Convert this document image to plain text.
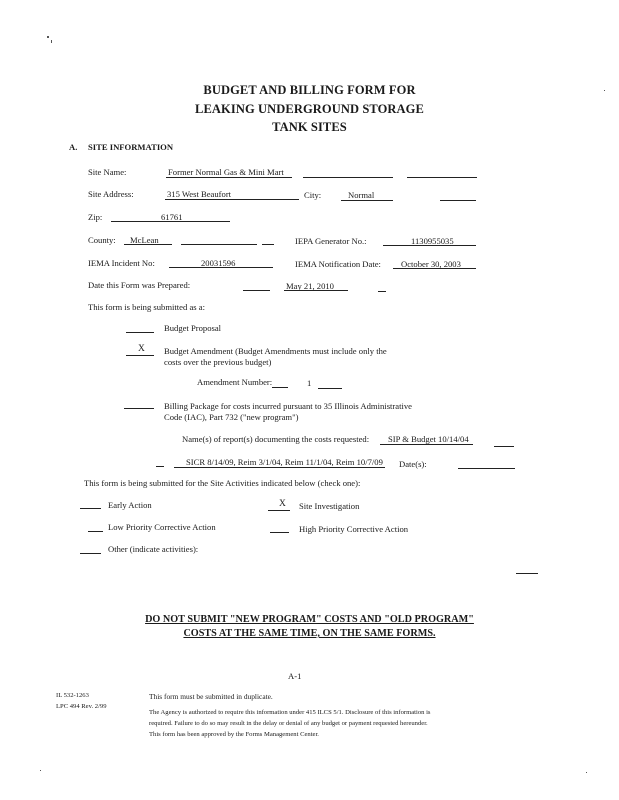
BUDGET AND BILLING FORM FOR
LEAKING UNDERGROUND STORAGE
TANK SITES
A. SITE INFORMATION
Site Name:	Former Normal Gas & Mini Mart
Site Address:	315 West Beaufort	City:	Normal
Zip:	61761
County: McLean	IEPA Generator No.:	1130955035
IEMA Incident No:	20031596	IEMA Notification Date: October 30, 2003
Date this Form was Prepared:	May 21, 2010
This form is being submitted as a:
Budget Proposal
X Budget Amendment (Budget Amendments must include only the
costs over the previous budget)
Amendment Number:	1
Billing Package for costs incurred pursuant to 35 Illinois Administrative
Code (IAC), Part 732 ("new program")
Name(s) of report(s) documenting the costs requested: SIP & Budget 10/14/04
SICR 8/14/09, Reim 3/1/04, Reim 11/1/04, Reim 10/7/09 Date(s):
This form is being submitted for the Site Activities indicated below (check one):
Early Action	X Site Investigation
Low Priority Corrective Action	High Priority Corrective Action
Other (indicate activities):
DO NOT SUBMIT "NEW PROGRAM" COSTS AND "OLD PROGRAM"
COSTS AT THE SAME TIME, ON THE SAME FORMS.
A-1
IL 532-1263
LPC 494 Rev. 2/99
This form must be submitted in duplicate.
The Agency is authorized to require this information under 415 ILCS 5/1. Disclosure of this information is
required. Failure to do so may result in the delay or denial of any budget or payment requested hereunder.
This form has been approved by the Forms Management Center.
